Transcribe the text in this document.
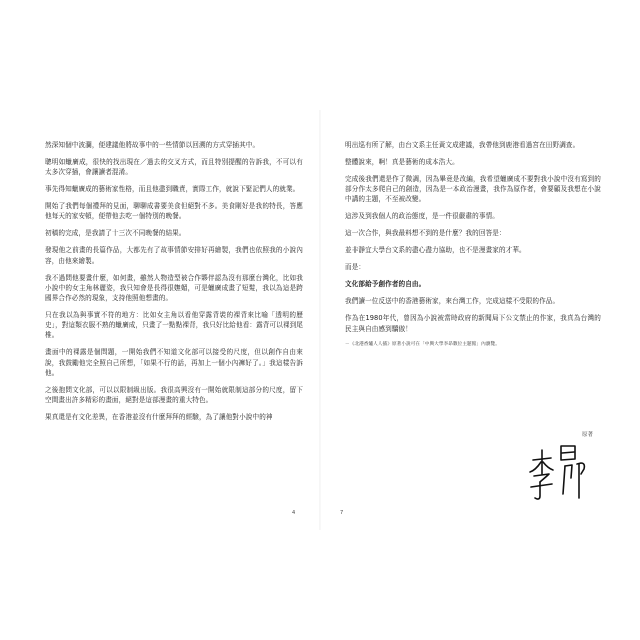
然深知個中波瀾，便建議他將故事中的一些情節以回溯的方式穿插其中。

聰明如蠟廣成，很快的找出現在／過去的交叉方式，而且特別提醒的告訴我，不可以有太多次穿插，會讓讀者混淆。

事先得知蠟廣成的藝術家性格，而且他盡到職責，實際工作，就說下緊記們人的就業。

開始了我們每個禮拜的見面，聊聊成書要美食但絕對不多。美食剛好是我的特長，答應他每天的家安頓，便帶他去吃一個特別的晚餐。

初稿的完成，是我請了十三次不同晚餐的結果。

發現他之前畫的長篇作品，大都先有了故事情節安排好再繪製，我們也依照我的小說內容，由他來繪製。

我不過問他要畫什麼，如何畫，雖然人物造型被合作夥伴認為沒有那麼台灣化，比如我小說中的女主角林麗姿，我只知會是長得很嫵媚，可是蠟廣成畫了短髮，我以為這是跨國界合作必然的現象，支持他照他想畫的。

只在我以為與事實不符的地方：比如女主角以看他穿露背裝的裸背來比喻「透明的歷史」，對這類衣服不熟的蠟廣成，只畫了一點點裸背，我只好比給他看：露背可以裸到尾椎。

畫面中的裸露是個問題，一開始我們不知道文化部可以接受的尺度，但以創作自由來說，我鼓勵他完全照自己所想，「如果不行的話，再加上一個小內褲好了。」我這樣告訴他。

之後抱問文化部，可以以限制級出版。我很高興沒有一開始就限制這部分的尺度，留下空間畫出許多精彩的畫面，絕對是這部漫畫的重大特色。

果真還是有文化差異，在香港並沒有什麼拜拜的經驗，為了讓他對小說中的神

明出巡有所了解，由台文系主任黃文成建議，我帶他到鹿港看過宮在田野調查。

整體說來，啊！真是藝術的成本浩大。

完成後我們還是作了微調，因為畢竟是改編，我希望蠟廣成不要對我小說中沒有寫到的部分作太多爬自己的創造，因為是一本政治漫畫，我作為原作者，會要顧及我想在小說中講的主題，不至被改變。

這涉及到我個人的政治態度，是一件很嚴肅的事情。

這一次合作，與我最料想不到的是什麼？我的回答是：

並非靜宜大學台文系的盡心盡力協助，也不是漫畫家的才華。

而是：

文化部給予創作者的自由。

我們讀一位反送中的香港藝術家，來台灣工作，完成這樣不受限的作品。

作為在1980年代，曾因為小說被當時政府的新聞局下公文禁止的作家，我真為台灣的民主與自由感到驕傲！

－《北港香爐人人插》原著小說可在「中興大學李昂數位主題館」內瀏覽。

4	7
原著
